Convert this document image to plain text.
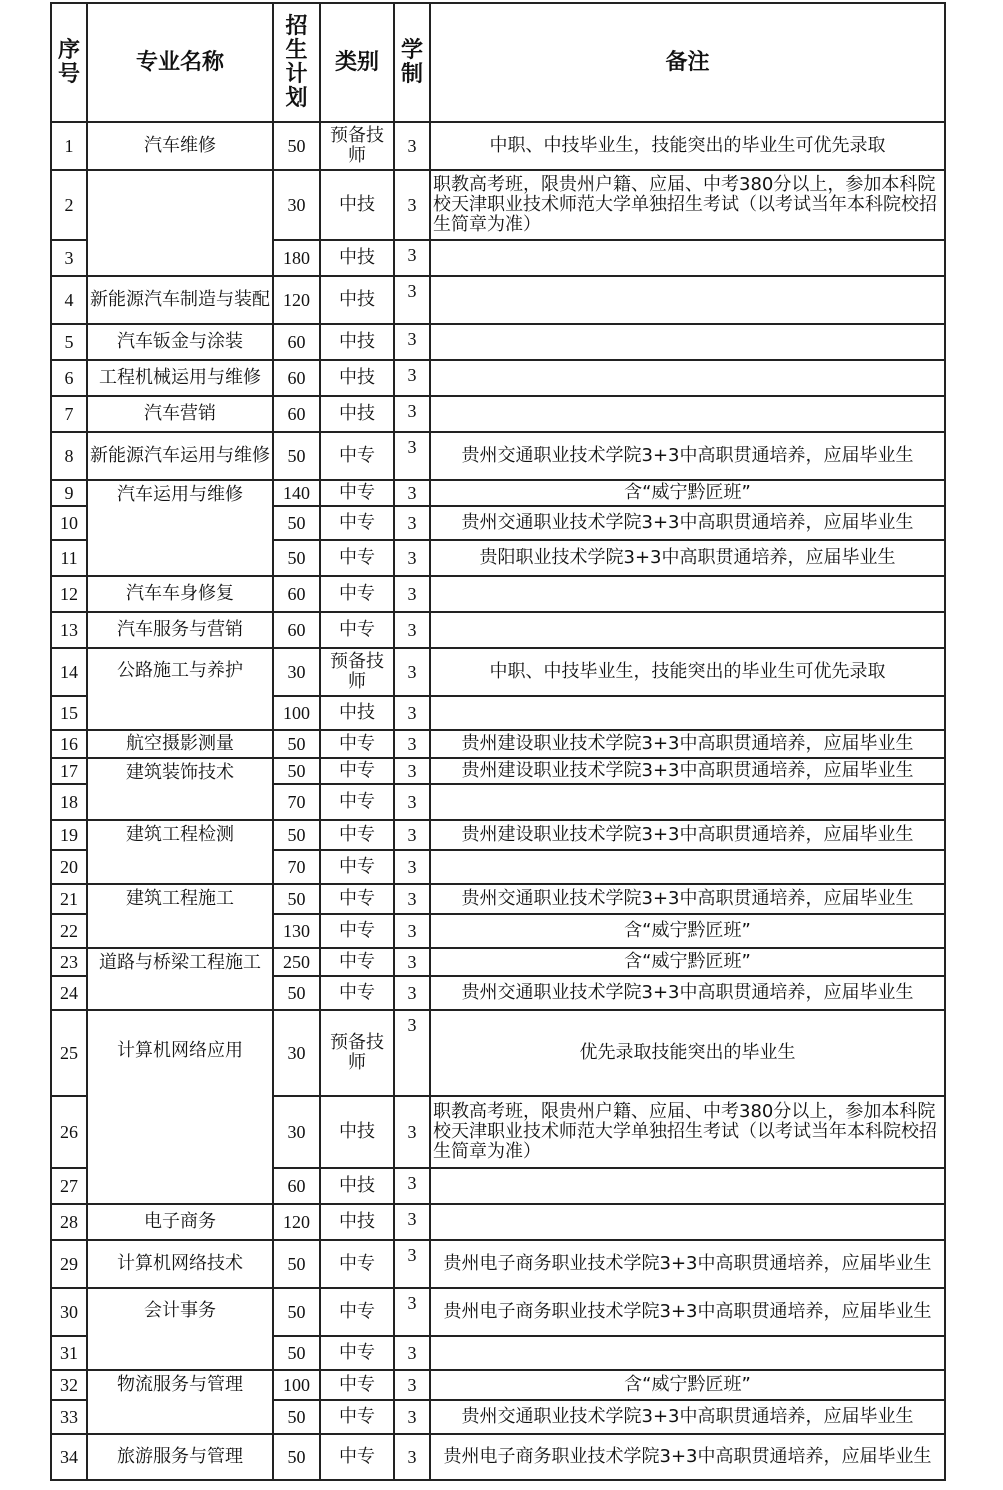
序号	专业名称	招生计划	类别	学制	备注
1	汽车维修	50	预备技师	3	中职、中技毕业生，技能突出的毕业生可优先录取
2		30	中技	3	职教高考班，限贵州户籍、应届、中考380分以上，参加本科院校天津职业技术师范大学单独招生考试（以考试当年本科院校招生简章为准）
3		180	中技	3	
4	新能源汽车制造与装配	120	中技	3	
5	汽车钣金与涂装	60	中技	3	
6	工程机械运用与维修	60	中技	3	
7	汽车营销	60	中技	3	
8	新能源汽车运用与维修	50	中专	3	贵州交通职业技术学院3+3中高职贯通培养，应届毕业生
9	汽车运用与维修	140	中专	3	含“威宁黔匠班”
10		50	中专	3	贵州交通职业技术学院3+3中高职贯通培养，应届毕业生
11		50	中专	3	贵阳职业技术学院3+3中高职贯通培养，应届毕业生
12	汽车车身修复	60	中专	3	
13	汽车服务与营销	60	中专	3	
14	公路施工与养护	30	预备技师	3	中职、中技毕业生，技能突出的毕业生可优先录取
15		100	中技	3	
16	航空摄影测量	50	中专	3	贵州建设职业技术学院3+3中高职贯通培养，应届毕业生
17	建筑装饰技术	50	中专	3	贵州建设职业技术学院3+3中高职贯通培养，应届毕业生
18		70	中专	3	
19	建筑工程检测	50	中专	3	贵州建设职业技术学院3+3中高职贯通培养，应届毕业生
20		70	中专	3	
21	建筑工程施工	50	中专	3	贵州交通职业技术学院3+3中高职贯通培养，应届毕业生
22		130	中专	3	含“威宁黔匠班”
23	道路与桥梁工程施工	250	中专	3	含“威宁黔匠班”
24		50	中专	3	贵州交通职业技术学院3+3中高职贯通培养，应届毕业生
25	计算机网络应用	30	预备技师	3	优先录取技能突出的毕业生
26		30	中技	3	职教高考班，限贵州户籍、应届、中考380分以上，参加本科院校天津职业技术师范大学单独招生考试（以考试当年本科院校招生简章为准）
27		60	中技	3	
28	电子商务	120	中技	3	
29	计算机网络技术	50	中专	3	贵州电子商务职业技术学院3+3中高职贯通培养，应届毕业生
30	会计事务	50	中专	3	贵州电子商务职业技术学院3+3中高职贯通培养，应届毕业生
31		50	中专	3	
32	物流服务与管理	100	中专	3	含“威宁黔匠班”
33		50	中专	3	贵州交通职业技术学院3+3中高职贯通培养，应届毕业生
34	旅游服务与管理	50	中专	3	贵州电子商务职业技术学院3+3中高职贯通培养，应届毕业生
